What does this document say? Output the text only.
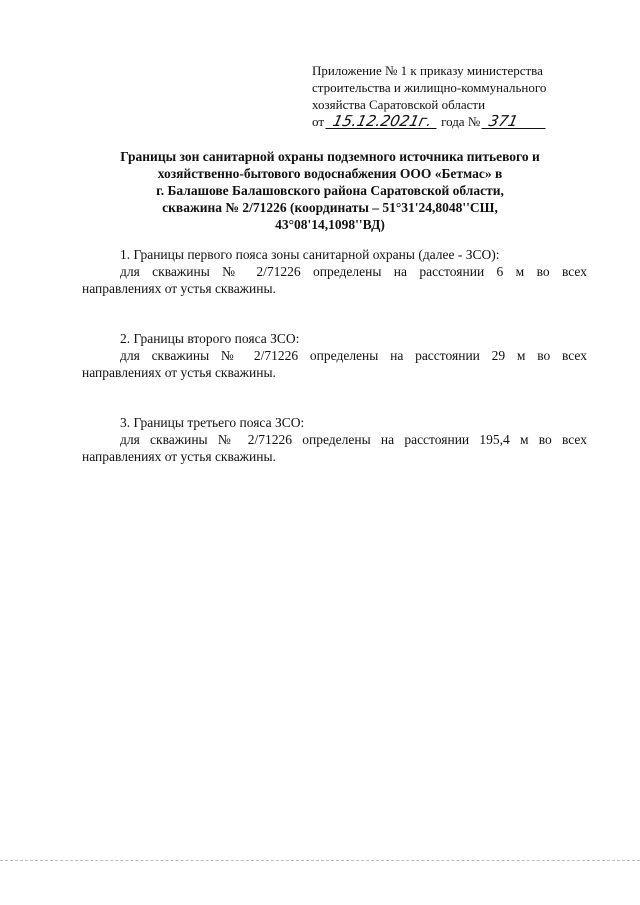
Приложение № 1 к приказу министерства
строительства и жилищно-коммунального
хозяйства Саратовской области
от 15.12.2021г. года № 371
Границы зон санитарной охраны подземного источника питьевого и
хозяйственно-бытового водоснабжения ООО «Бетмас» в
г. Балашове Балашовского района Саратовской области,
скважина № 2/71226 (координаты – 51°31'24,8048''СШ,
43°08'14,1098''ВД)
1. Границы первого пояса зоны санитарной охраны (далее - ЗСО):
для скважины № 2/71226 определены на расстоянии 6 м во всех
направлениях от устья скважины.
2. Границы второго пояса ЗСО:
для скважины № 2/71226 определены на расстоянии 29 м во всех
направлениях от устья скважины.
3. Границы третьего пояса ЗСО:
для скважины № 2/71226 определены на расстоянии 195,4 м во всех
направлениях от устья скважины.
